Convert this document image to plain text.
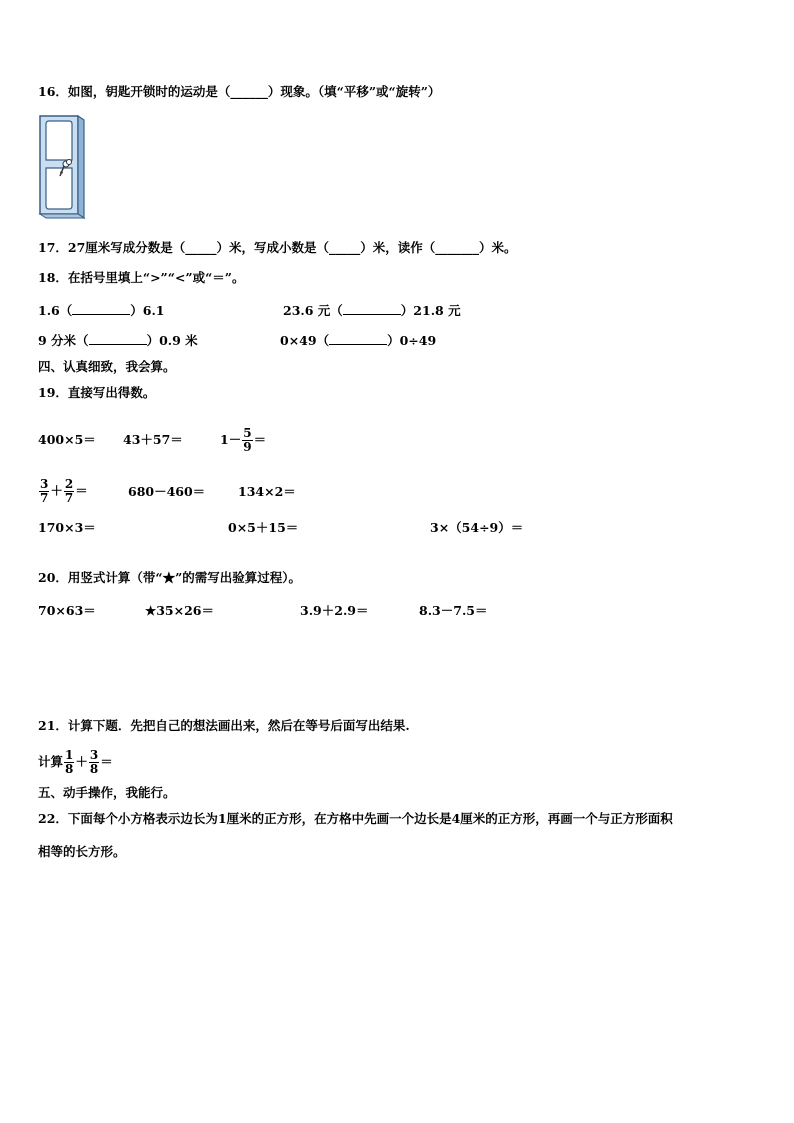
16．如图，钥匙开锁时的运动是（______）现象。（填“平移”或“旋转”）
17．27厘米写成分数是（_____）米，写成小数是（_____）米，读作（_______）米。
18．在括号里填上“>”“<”或“＝”。
1.6（	）6.1	23.6 元（	）21.8 元
9 分米（	）0.9 米	0×49（	）0÷49
四、认真细致，我会算。
19．直接写出得数。
400×5＝ 43＋57＝	$1- \frac{5}{9}$ ＝
$\frac{3}{7} + \frac{2}{7}$ ＝	680－460＝	134×2＝
170×3＝	0×5＋15＝	3×（54÷9）＝
20．用竖式计算（带“★”的需写出验算过程）。
70×63＝	★35×26＝	3.9＋2.9＝	8.3－7.5＝
21．计算下题．先把自己的想法画出来，然后在等号后面写出结果.
计算 $\frac{1}{8} + \frac{3}{8}$ ＝
五、动手操作，我能行。
22．下面每个小方格表示边长为1厘米的正方形，在方格中先画一个边长是4厘米的正方形，再画一个与正方形面积
相等的长方形。
